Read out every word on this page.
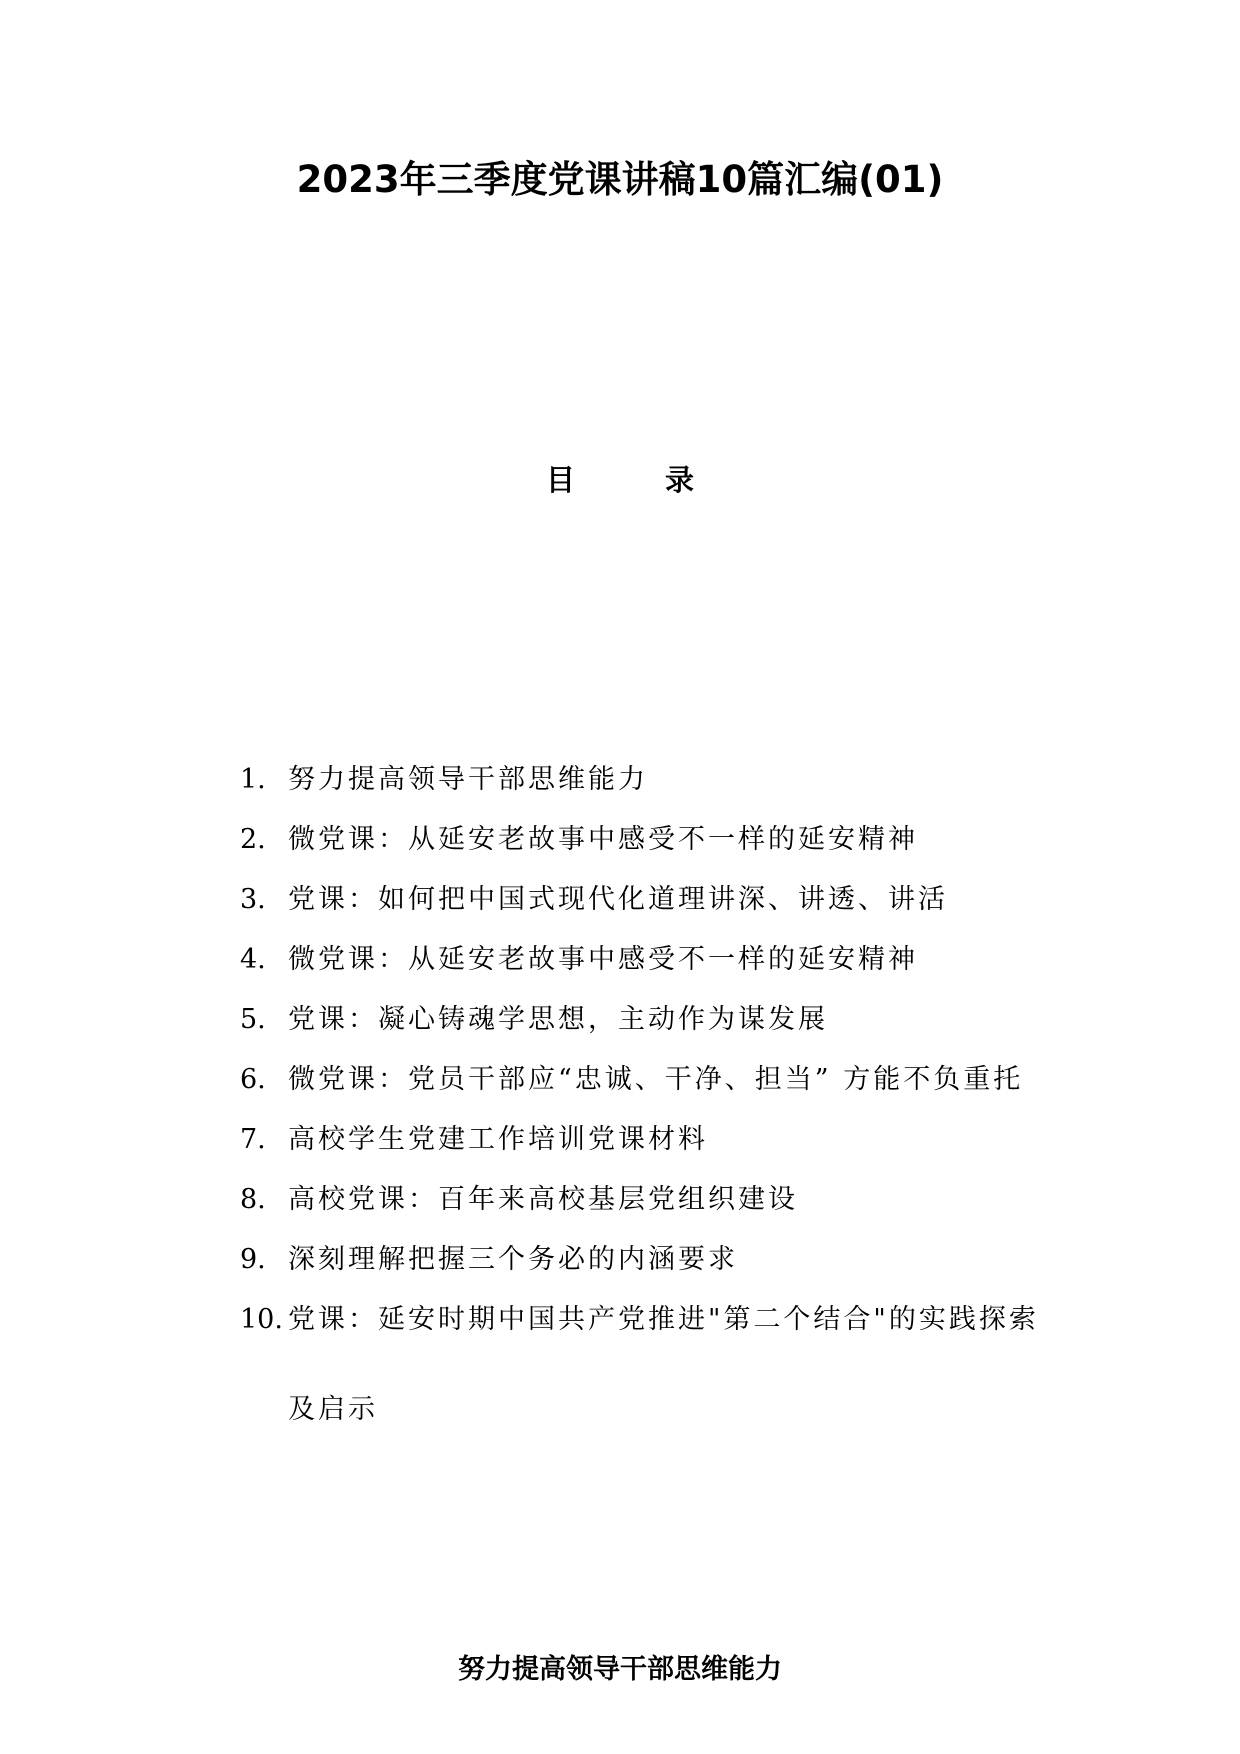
2023年三季度党课讲稿10篇汇编(01)
目 录
1. 努力提高领导干部思维能力
2. 微党课：从延安老故事中感受不一样的延安精神
3. 党课：如何把中国式现代化道理讲深、讲透、讲活
4. 微党课：从延安老故事中感受不一样的延安精神
5. 党课：凝心铸魂学思想，主动作为谋发展
6. 微党课：党员干部应“忠诚、干净、担当” 方能不负重托
7. 高校学生党建工作培训党课材料
8. 高校党课：百年来高校基层党组织建设
9. 深刻理解把握三个务必的内涵要求
10. 党课：延安时期中国共产党推进"第二个结合"的实践探索
及启示
努力提高领导干部思维能力
